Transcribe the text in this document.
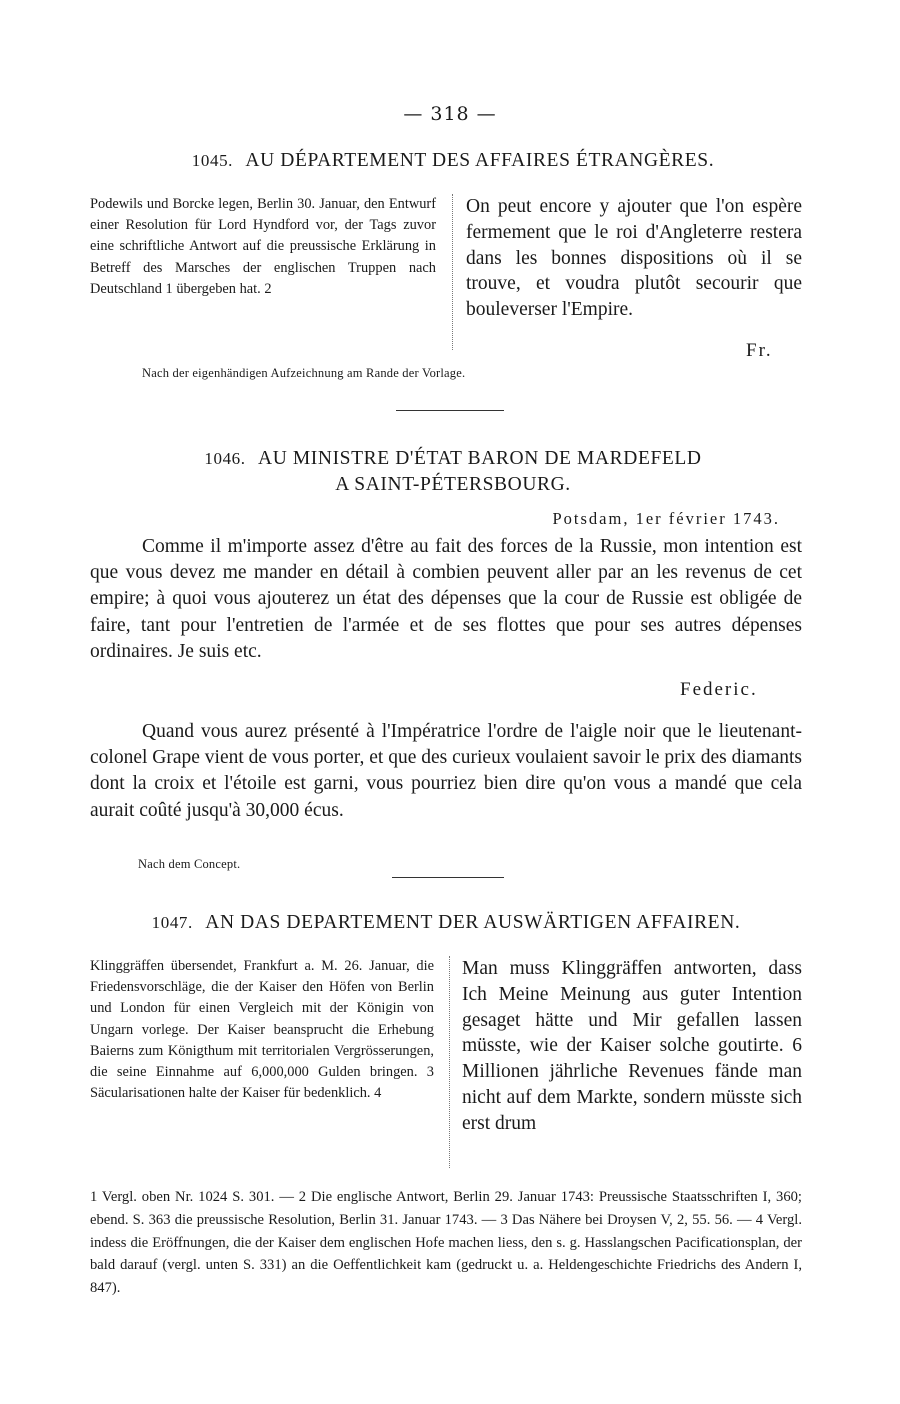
— 318 —
1045. AU DÉPARTEMENT DES AFFAIRES ÉTRANGÈRES.

Podewils und Borcke legen, Berlin 30. Januar, den Entwurf einer Resolution für Lord Hyndford vor, der Tags zuvor eine schriftliche Antwort auf die preussische Erklärung in Betreff des Marsches der englischen Truppen nach Deutschland 1 übergeben hat. 2

On peut encore y ajouter que l'on espère fermement que le roi d'Angleterre restera dans les bonnes dispositions où il se trouve, et voudra plutôt secourir que bouleverser l'Empire.

Fr.
Nach der eigenhändigen Aufzeichnung am Rande der Vorlage.
1046. AU MINISTRE D'ÉTAT BARON DE MARDEFELD
A SAINT-PÉTERSBOURG.
Potsdam, 1er février 1743.

Comme il m'importe assez d'être au fait des forces de la Russie, mon intention est que vous devez me mander en détail à combien peuvent aller par an les revenus de cet empire; à quoi vous ajouterez un état des dépenses que la cour de Russie est obligée de faire, tant pour l'entretien de l'armée et de ses flottes que pour ses autres dépenses ordinaires. Je suis etc.

Federic.

Quand vous aurez présenté à l'Impératrice l'ordre de l'aigle noir que le lieutenant-colonel Grape vient de vous porter, et que des curieux voulaient savoir le prix des diamants dont la croix et l'étoile est garni, vous pourriez bien dire qu'on vous a mandé que cela aurait coûté jusqu'à 30,000 écus.

Nach dem Concept.
1047. AN DAS DEPARTEMENT DER AUSWÄRTIGEN AFFAIREN.

Klinggräffen übersendet, Frankfurt a. M. 26. Januar, die Friedensvorschläge, die der Kaiser den Höfen von Berlin und London für einen Vergleich mit der Königin von Ungarn vorlege. Der Kaiser beansprucht die Erhebung Baierns zum Königthum mit territorialen Vergrösserungen, die seine Einnahme auf 6,000,000 Gulden bringen. 3 Säcularisationen halte der Kaiser für bedenklich. 4

Man muss Klinggräffen antworten, dass Ich Meine Meinung aus guter Intention gesaget hätte und Mir gefallen lassen müsste, wie der Kaiser solche goutirte. 6 Millionen jährliche Revenues fände man nicht auf dem Markte, sondern müsste sich erst drum

1 Vergl. oben Nr. 1024 S. 301. — 2 Die englische Antwort, Berlin 29. Januar 1743: Preussische Staatsschriften I, 360; ebend. S. 363 die preussische Resolution, Berlin 31. Januar 1743. — 3 Das Nähere bei Droysen V, 2, 55. 56. — 4 Vergl. indess die Eröffnungen, die der Kaiser dem englischen Hofe machen liess, den s. g. Hasslangschen Pacificationsplan, der bald darauf (vergl. unten S. 331) an die Oeffentlichkeit kam (gedruckt u. a. Heldengeschichte Friedrichs des Andern I, 847).
